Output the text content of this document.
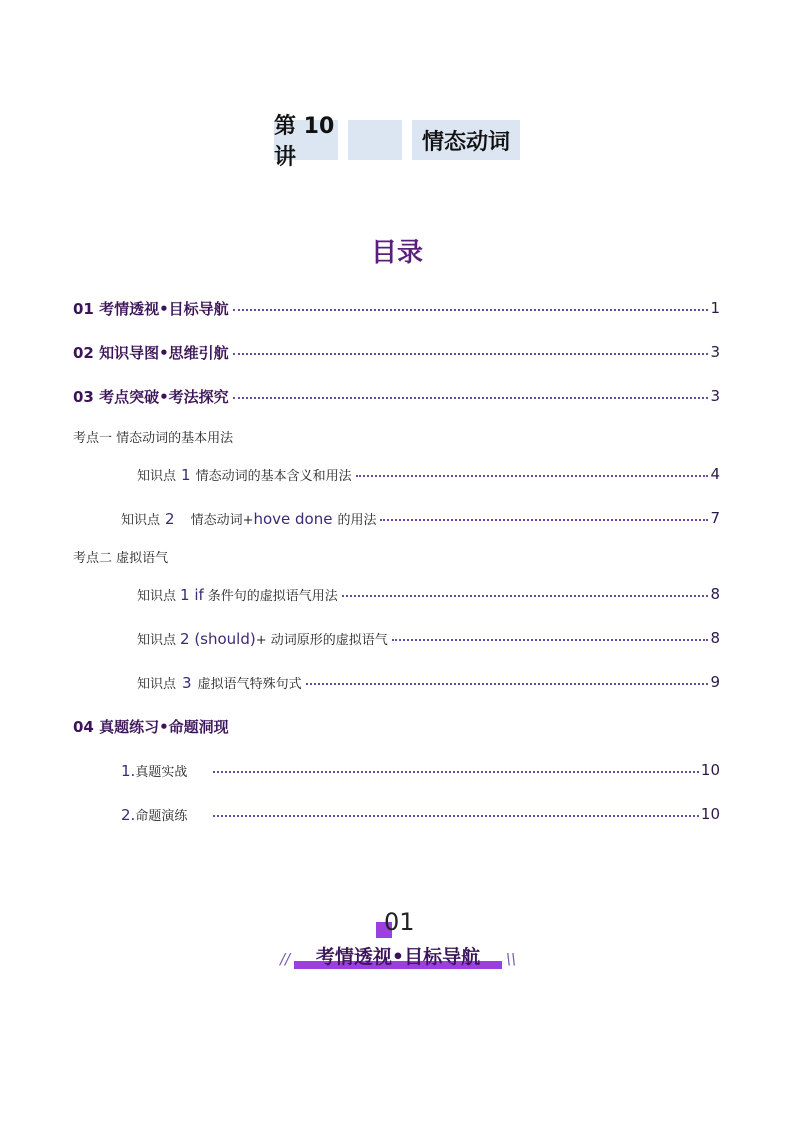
第 10 讲
情态动词
目录
01 考情透视•目标导航	1
02 知识导图•思维引航	3
03 考点突破•考法探究	3
考点一 情态动词的基本用法
知识点 1 情态动词的基本含义和用法	4
知识点 2 情态动词+hove done 的用法	7
考点二 虚拟语气
知识点 1 if 条件句的虚拟语气用法	8
知识点 2 (should)+ 动词原形的虚拟语气	8
知识点 3 虚拟语气特殊句式	9
04 真题练习•命题洞现
1.真题实战	10
2.命题演练	10
01
//	考情透视•目标导航	\\
